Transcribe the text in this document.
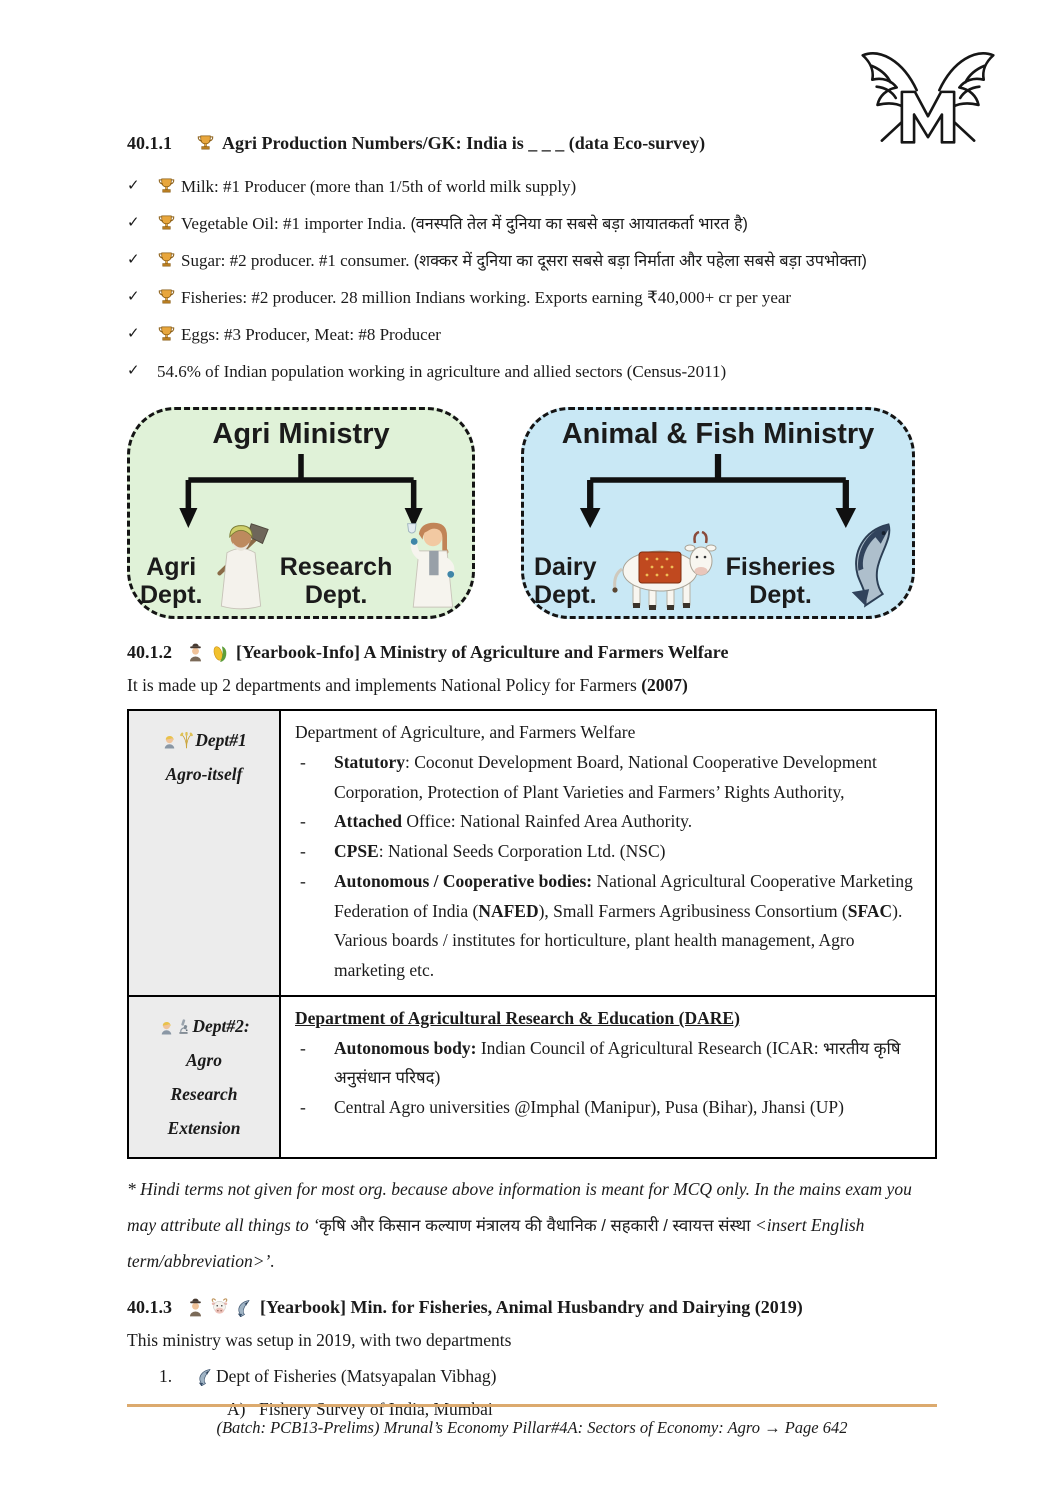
40.1.1	Agri Production Numbers/GK: India is _ _ _ (data Eco-survey)
✓	Milk: #1 Producer (more than 1/5th of world milk supply)
✓	Vegetable Oil: #1 importer India. (वनस्पति तेल में दुनिया का सबसे बड़ा आयातकर्ता भारत है)
✓	Sugar: #2 producer. #1 consumer. (शक्कर में दुनिया का दूसरा सबसे बड़ा निर्माता और पहेला सबसे बड़ा उपभोक्ता)
✓	Fisheries: #2 producer. 28 million Indians working. Exports earning ₹40,000+ cr per year
✓	Eggs: #3 Producer, Meat: #8 Producer
✓	54.6% of Indian population working in agriculture and allied sectors (Census-2011)
Agri Ministry
Agri
Dept.
Research
Dept.
Animal & Fish Ministry
Dairy
Dept.
Fisheries
Dept.
40.1.2	[Yearbook-Info] A Ministry of Agriculture and Farmers Welfare

It is made up 2 departments and implements National Policy for Farmers (2007)

Dept#1
Agro-itself

Department of Agriculture, and Farmers Welfare
-	Statutory: Coconut Development Board, National Cooperative Development Corporation, Protection of Plant Varieties and Farmers’ Rights Authority,
-	Attached Office: National Rainfed Area Authority.
-	CPSE: National Seeds Corporation Ltd. (NSC)
-	Autonomous / Cooperative bodies: National Agricultural Cooperative Marketing Federation of India (NAFED), Small Farmers Agribusiness Consortium (SFAC). Various boards / institutes for horticulture, plant health management, Agro marketing etc.

Dept#2:
Agro
Research
Extension

Department of Agricultural Research & Education (DARE)
-	Autonomous body: Indian Council of Agricultural Research (ICAR: भारतीय कृषि अनुसंधान परिषद)
-	Central Agro universities @Imphal (Manipur), Pusa (Bihar), Jhansi (UP)

* Hindi terms not given for most org. because above information is meant for MCQ only. In the mains exam you may attribute all things to ‘कृषि और किसान कल्याण मंत्रालय की वैधानिक / सहकारी / स्वायत्त संस्था <insert English term/abbreviation>’.

40.1.3	[Yearbook] Min. for Fisheries, Animal Husbandry and Dairying (2019)

This ministry was setup in 2019, with two departments

1.	Dept of Fisheries (Matsyapalan Vibhag)
A) Fishery Survey of India, Mumbai

(Batch: PCB13-Prelims) Mrunal’s Economy Pillar#4A: Sectors of Economy: Agro → Page 642
